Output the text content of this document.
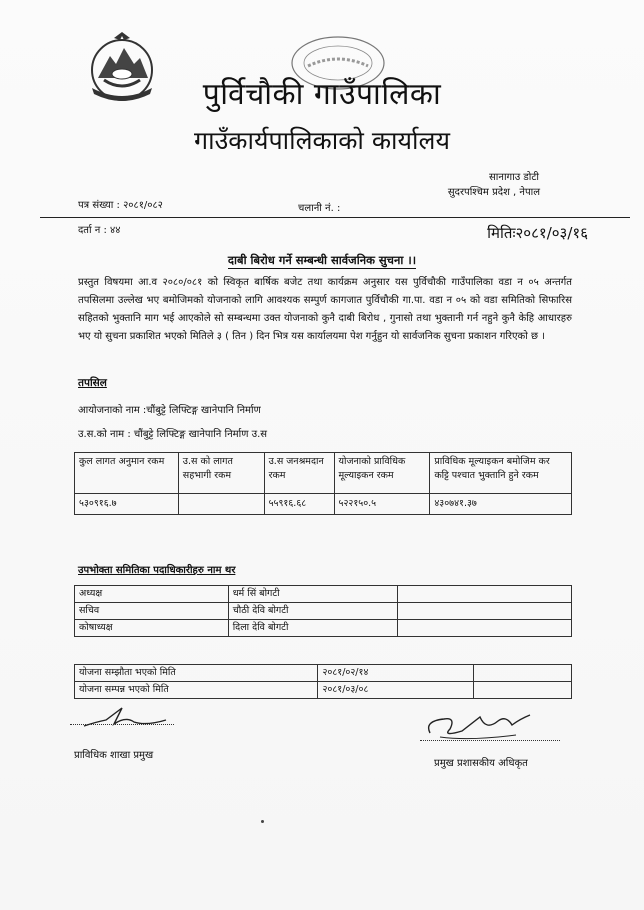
पुर्विचौकी गाउँपालिका
गाउँकार्यपालिकाको कार्यालय
सानागाउ डोटी
सुदरपश्चिम प्रदेश , नेपाल
पत्र संख्या : २०८१/०८२	चलानी नं. :
दर्ता न : ४४	मितिः२०८१/०३/१६
दाबी बिरोध गर्ने सम्बन्धी सार्वजनिक सुचना ।।
प्रस्तुत विषयमा आ.व २०८०/०८१ को स्विकृत बार्षिक बजेट तथा कार्यक्रम अनुसार यस पुर्विचौकी गाउँपालिका वडा न ०५ अन्तर्गत तपसिलमा उल्लेख भए बमोजिमको योजनाको लागि आवश्यक सम्पुर्ण कागजात पुर्विचौकी गा.पा. वडा न ०५ को वडा समितिको सिफारिस सहितको भुक्तानि माग भई आएकोले सो सम्बन्धमा उक्त योजनाको कुनै दाबी बिरोध , गुनासो तथा भुक्तानी गर्न नहुने कुनै केहि आधारहरु भए यो सुचना प्रकाशित भएको मितिले ३ ( तिन ) दिन भित्र यस कार्यालयमा पेश गर्नुहुन यो सार्वजनिक सुचना प्रकाशन गरिएको छ ।
तपसिल
आयोजनाको नाम :चौंबुट्टे लिफ्टिङ्ग खानेपानि निर्माण
उ.स.को नाम : चौंबुट्टे लिफ्टिङ्ग खानेपानि निर्माण उ.स
कुल लागत अनुमान रकम	उ.स को लागत सहभागी रकम	उ.स जनश्रमदान रकम	योजनाको प्राविधिक मूल्याइकन रकम	प्राविधिक मूल्याइकन बमोजिम कर कट्टि पश्चात भुक्तानि हुने रकम
५३०९१६.७		५५९१६.६८	५२२१५०.५	४३०७४१.३७
उपभोक्ता समितिका पदाधिकारीहरु नाम थर
अध्यक्ष	धर्म सिं बोगटी	
सचिव	चौठी देवि बोगटी	
कोषाध्यक्ष	दिला देवि बोगटी	
योजना सम्झौता भएको मिति	२०८१/०२/१४	
योजना सम्पन्न भएको मिति	२०८१/०३/०८	
प्राविधिक शाखा प्रमुख
प्रमुख प्रशासकीय अधिकृत
